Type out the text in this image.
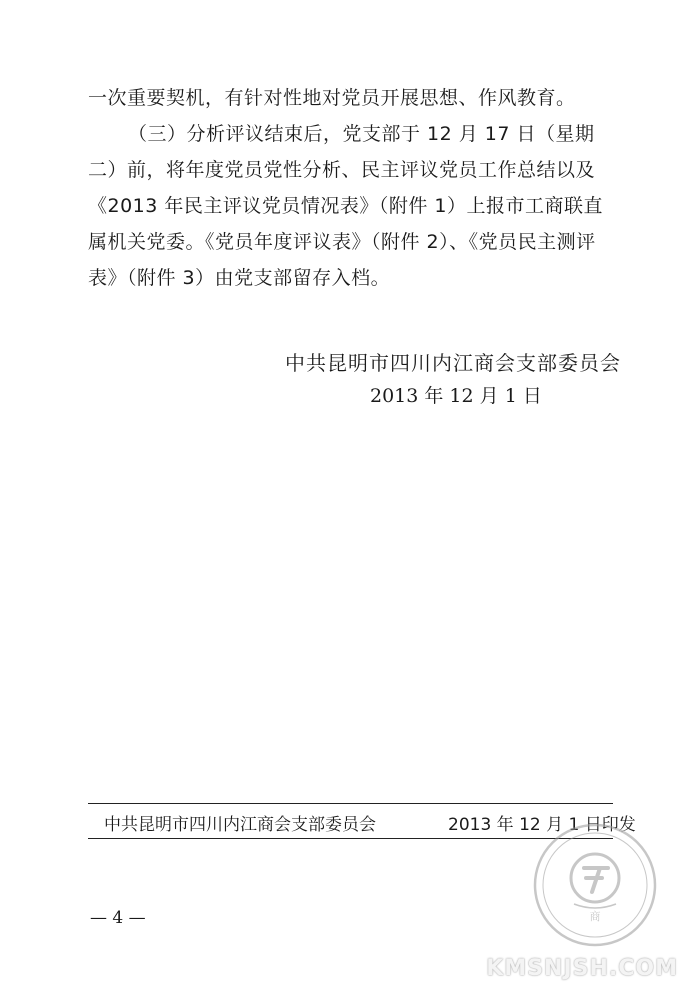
一次重要契机，有针对性地对党员开展思想、作风教育。

（三）分析评议结束后，党支部于 12 月 17 日（星期二）前，将年度党员党性分析、民主评议党员工作总结以及《2013 年民主评议党员情况表》（附件 1）上报市工商联直属机关党委。《党员年度评议表》（附件 2）、《党员民主测评表》（附件 3）由党支部留存入档。

中共昆明市四川内江商会支部委员会
2013 年 12 月 1 日
中共昆明市四川内江商会支部委员会	2013 年 12 月 1 日印发
— 4 —	商
KMSNJSH.COM
